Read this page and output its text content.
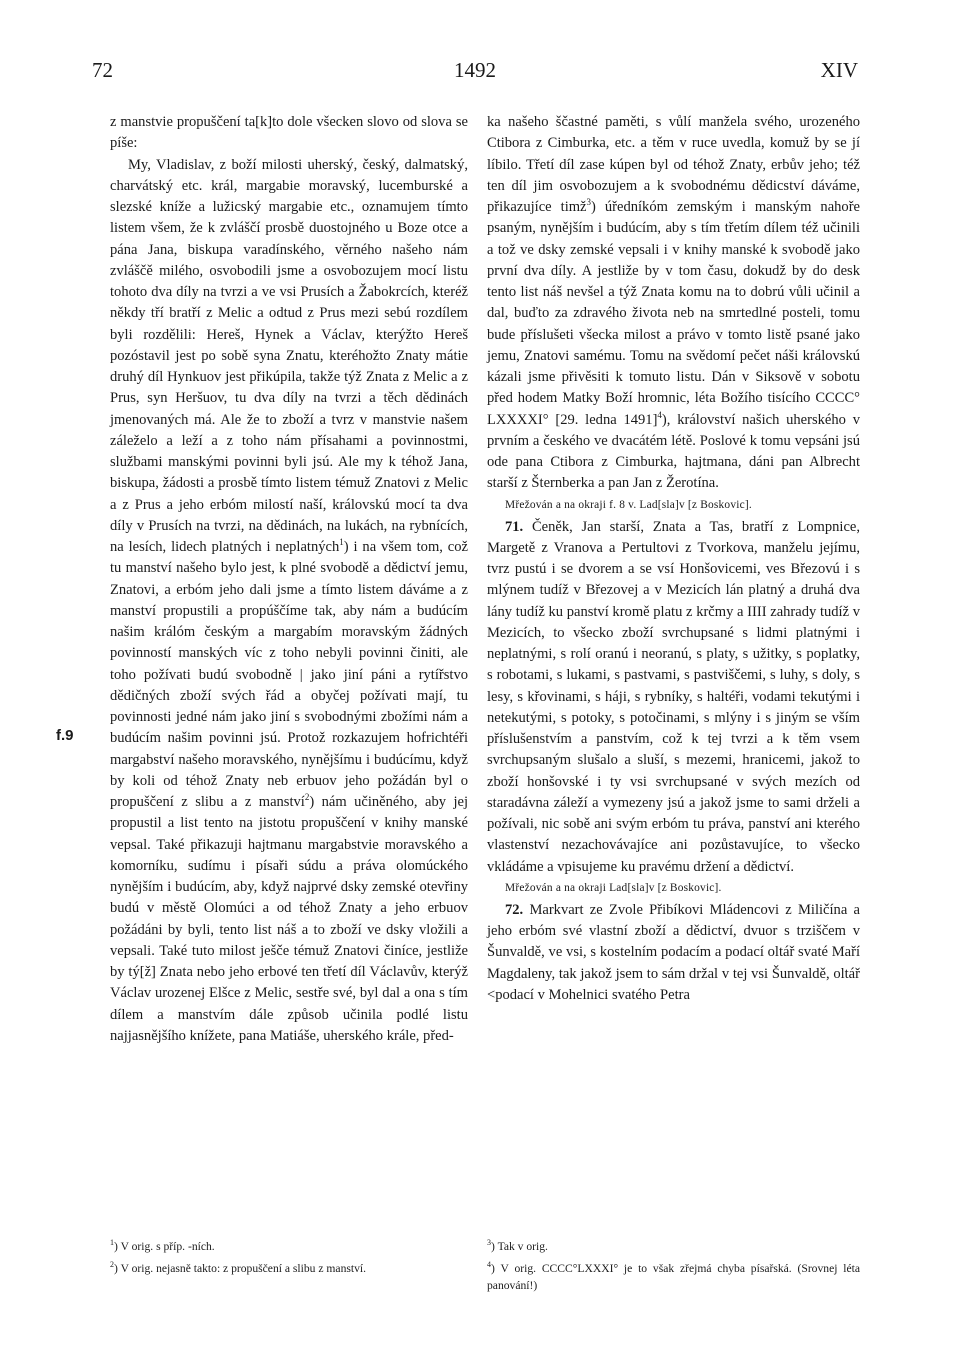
72	1492	XIV
f.9

z manstvie propuščení ta[k]to dole všecken slovo od slova se píše:

My, Vladislav, z boží milosti uherský, český, dalmatský, charvátský etc. král, margabie moravský, lucemburské a slezské kníže a lužicský margabie etc., oznamujem tímto listem všem, že k zvláščí prosbě duostojného u Boze otce a pána Jana, biskupa varadínského, věrného našeho nám zvláščě milého, osvobodili jsme a osvobozujem mocí listu tohoto dva díly na tvrzi a ve vsi Prusích a Žabokrcích, kteréž někdy tří bratří z Melic a odtud z Prus mezi sebú rozdílem byli rozdělili: Hereš, Hynek a Václav, kterýžto Hereš pozóstavil jest po sobě syna Znatu, kteréhožto Znaty mátie druhý díl Hynkuov jest přikúpila, takže týž Znata z Melic a z Prus, syn Heršuov, tu dva díly na tvrzi a těch dědinách jmenovaných má. Ale že to zboží a tvrz v manstvie našem záleželo a leží a z toho nám přísahami a povinnostmi, službami manskými povinni byli jsú. Ale my k téhož Jana, biskupa, žádosti a prosbě tímto listem témuž Znatovi z Melic a z Prus a jeho erbóm milostí naší, královskú mocí ta dva díly v Prusích na tvrzi, na dědinách, na lukách, na rybnících, na lesích, lidech platných i neplatných$^1$) i na všem tom, což tu manství našeho bylo jest, k plné svobodě a dědictví jemu, Znatovi, a erbóm jeho dali jsme a tímto listem dáváme a z manství propustili a propúščíme tak, aby nám a budúcím našim králóm českým a margabím moravským žádných povinností manských víc z toho nebyli povinni činiti, ale toho požívati budú svobodně | jako jiní páni a rytířstvo dědičných zboží svých řád a obyčej požívati mají, tu povinnosti jedné nám jako jiní s svobodnými zbožími nám a budúcím našim povinni jsú. Protož rozkazujem hofrichtéři margabství našeho moravského, nynějšímu i budúcímu, když by koli od téhož Znaty neb erbuov jeho požádán byl o propuščení z slibu a z manství$^2$) nám učiněného, aby jej propustil a list tento na jistotu propuščení v knihy manské vepsal. Také přikazuji hajtmanu margabstvie moravského a komorníku, sudímu i písaři súdu a práva olomúckého nynějším i budúcím, aby, když najprvé dsky zemské otevřiny budú v městě Olomúci a od téhož Znaty a jeho erbuov požádáni by byli, tento list náš a to zboží ve dsky vložili a vepsali. Také tuto milost ješče témuž Znatovi činíce, jestliže by tý[ž] Znata nebo jeho erbové ten třetí díl Václavův, kterýž Václav urozenej Elšce z Melic, sestře své, byl dal a ona s tím dílem a manstvím dále způsob učinila podlé listu najjasnějšího knížete, pana Matiáše, uherského krále, před-

ka našeho ščastné paměti, s vůlí manžela svého, urozeného Ctibora z Cimburka, etc. a těm v ruce uvedla, komuž by se jí líbilo. Třetí díl zase kúpen byl od téhož Znaty, erbův jeho; též ten díl jim osvobozujem a k svobodnému dědicství dáváme, přikazujíce timž$^3$) úředníkóm zemským i manským nahoře psaným, nynějším i budúcím, aby s tím třetím dílem též učinili a tož ve dsky zemské vepsali i v knihy manské k svobodě jako první dva díly. A jestliže by v tom času, dokudž by do desk tento list náš nevšel a týž Znata komu na to dobrú vůli učinil a dal, buďto za zdravého života neb na smrtedlné posteli, tomu bude příslušeti všecka milost a právo v tomto listě psané jako jemu, Znatovi samému. Tomu na svědomí pečet náši královskú kázali jsme přivěsiti k tomuto listu. Dán v Siksově v sobotu před hodem Matky Boží hromnic, léta Božího tisícího CCCC° LXXXXI° [29. ledna 1491]$^4$), království našich uherského v prvním a českého ve dvacátém létě. Poslové k tomu vepsáni jsú ode pana Ctibora z Cimburka, hajtmana, dáni pan Albrecht starší z Šternberka a pan Jan z Žerotína.

Mřežován a na okraji f. 8 v. Lad[sla]v [z Boskovic].

71. Čeněk, Jan starší, Znata a Tas, bratří z Lompnice, Margetě z Vranova a Pertultovi z Tvorkova, manželu jejímu, tvrz pustú i se dvorem a se vsí Honšovicemi, ves Březovú i s mlýnem tudíž v Březovej a v Mezicích lán platný a druhá dva lány tudíž ku panství kromě platu z krčmy a IIII zahrady tudíž v Mezicích, to všecko zboží svrchupsané s lidmi platnými i neplatnými, s rolí oranú i neoranú, s platy, s užitky, s poplatky, s robotami, s lukami, s pastvami, s pastviščemi, s luhy, s doly, s lesy, s křovinami, s háji, s rybníky, s haltéři, vodami tekutými i netekutými, s potoky, s potočinami, s mlýny i s jiným se vším příslušenstvím a panstvím, což k tej tvrzi a k těm vsem svrchupsaným slušalo a sluší, s mezemi, hranicemi, jakož to zboží honšovské i ty vsi svrchupsané v svých mezích od staradávna záleží a vymezeny jsú a jakož jsme to sami drželi a požívali, nic sobě ani svým erbóm tu práva, panství ani kterého vlastenství nezachovávajíce ani pozůstavujíce, to všecko vkládáme a vpisujeme ku pravému držení a dědictví.

Mřežován a na okraji Lad[sla]v [z Boskovic].

72. Markvart ze Zvole Přibíkovi Mládencovi z Miličína a jeho erbóm své vlastní zboží a dědictví, dvuor s trziščem v Šunvaldě, ve vsi, s kostelním podacím a podací oltář svaté Maří Magdaleny, tak jakož jsem to sám držal v tej vsi Šunvaldě, oltář <podací v Mohelnici svatého Petra

$^1$) V orig. s příp. -ních.

$^2$) V orig. nejasně takto: z propuščení a slibu z manství.

$^3$) Tak v orig.

$^4$) V orig. CCCC°LXXXI° je to však zřejmá chyba písařská. (Srovnej léta panování!)
